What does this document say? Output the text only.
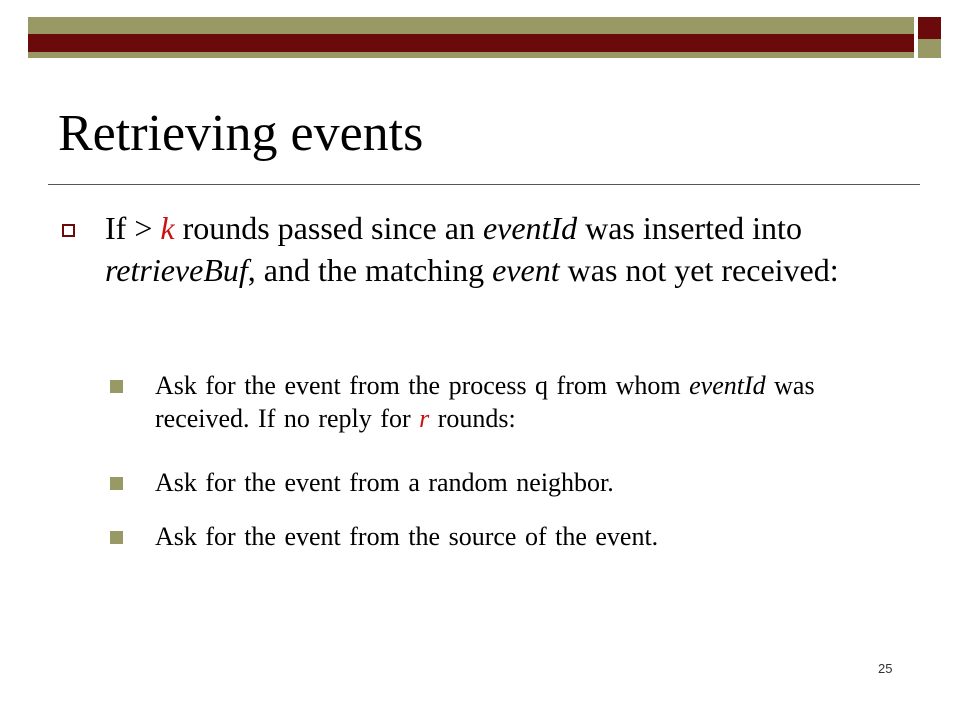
Retrieving events
If > k rounds passed since an eventId was inserted into retrieveBuf, and the matching event was not yet received:
Ask for the event from the process q from whom eventId was received. If no reply for r rounds:
Ask for the event from a random neighbor.
Ask for the event from the source of the event.
25
